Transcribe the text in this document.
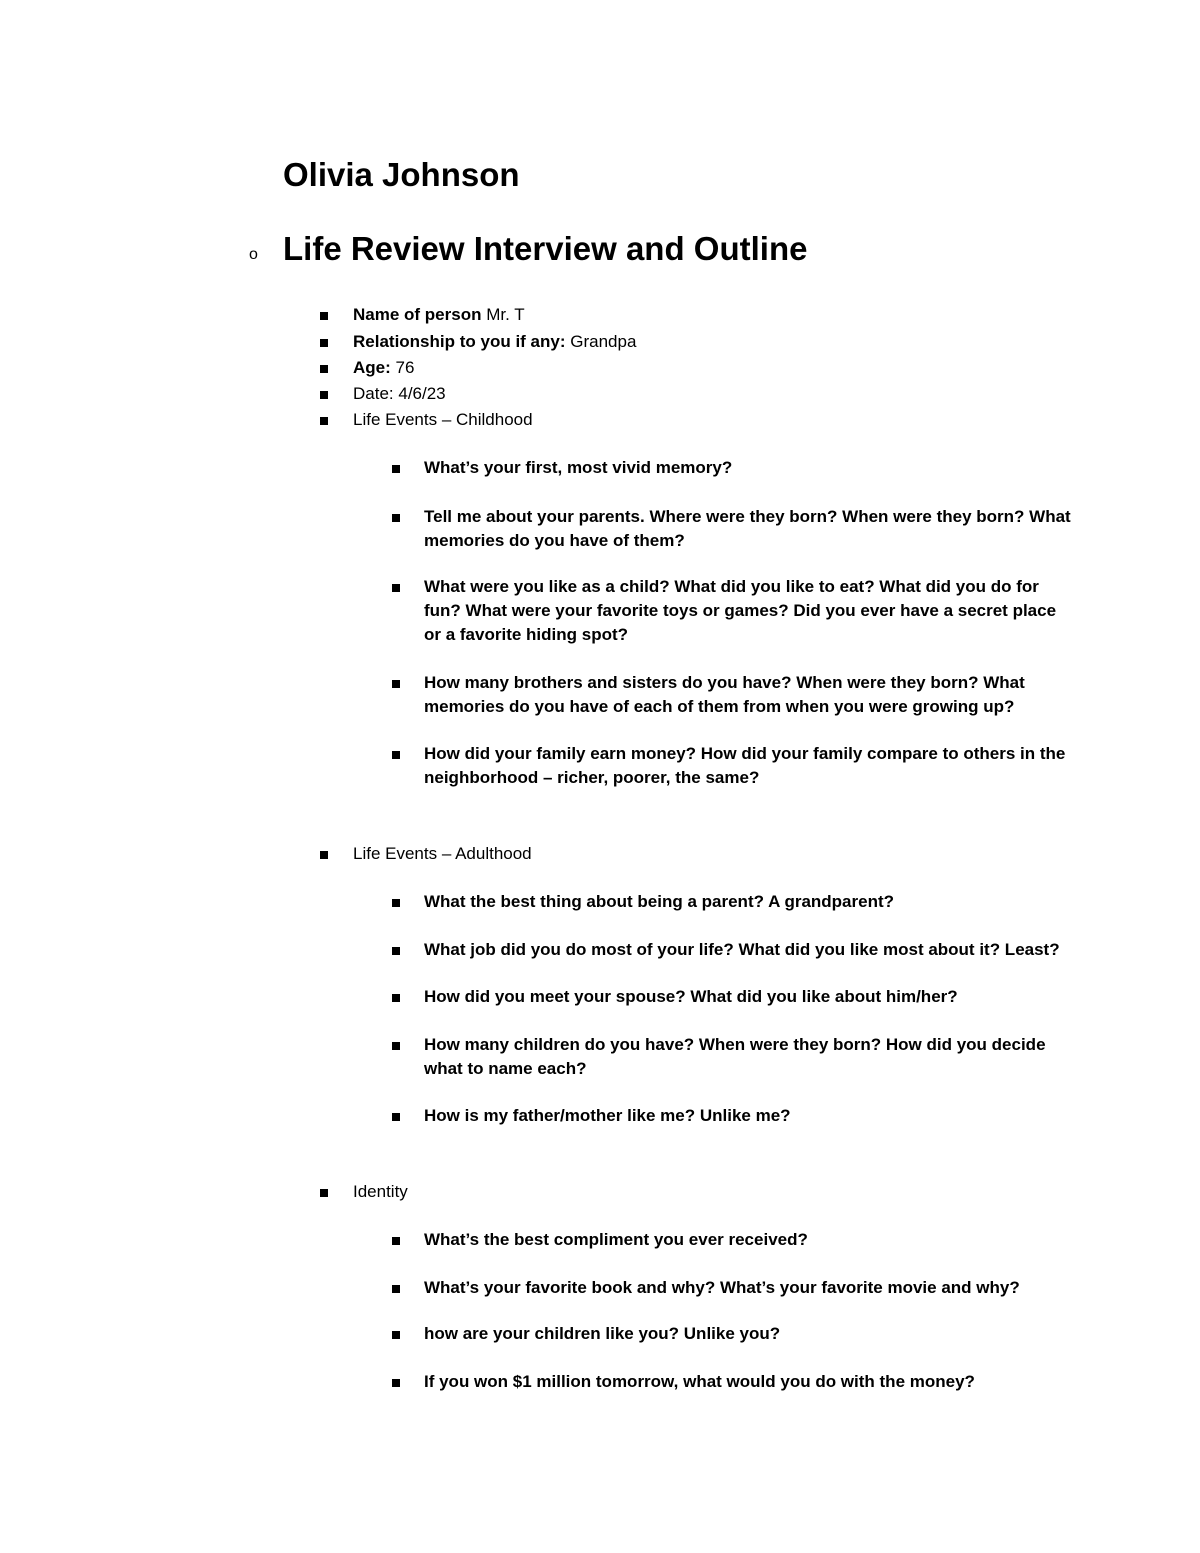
Olivia Johnson
o Life Review Interview and Outline
Name of person Mr. T
Relationship to you if any: Grandpa
Age: 76
Date: 4/6/23
Life Events – Childhood
What’s your first, most vivid memory?
Tell me about your parents. Where were they born? When were they born? What memories do you have of them?
What were you like as a child? What did you like to eat? What did you do for fun? What were your favorite toys or games? Did you ever have a secret place or a favorite hiding spot?
How many brothers and sisters do you have? When were they born? What memories do you have of each of them from when you were growing up?
How did your family earn money? How did your family compare to others in the neighborhood – richer, poorer, the same?
Life Events – Adulthood
What the best thing about being a parent? A grandparent?
What job did you do most of your life? What did you like most about it? Least?
How did you meet your spouse? What did you like about him/her?
How many children do you have? When were they born? How did you decide what to name each?
How is my father/mother like me? Unlike me?
Identity
What’s the best compliment you ever received?
What’s your favorite book and why? What’s your favorite movie and why?
how are your children like you? Unlike you?
If you won $1 million tomorrow, what would you do with the money?
